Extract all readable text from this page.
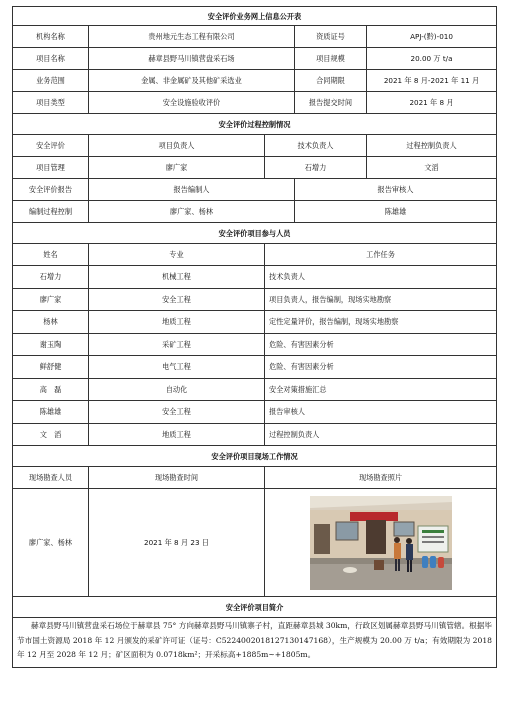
安全评价业务网上信息公开表				
机构名称	贵州地元生态工程有限公司		资质证号	APJ-(黔)-010
项目名称	赫章县野马川镇营盘采石场		项目规模	20.00 万 t/a
业务范围	金属、非金属矿及其他矿采选业		合同期限	2021 年 8 月-2021 年 11 月
项目类型	安全设施验收评价		报告提交时间	2021 年 8 月
安全评价过程控制情况				
安全评价	项目负责人	技术负责人		过程控制负责人
项目管理	廖广家	石增力		文滔
安全评价报告	报告编制人		报告审核人	
编制过程控制	廖广家、杨林		陈雄雄	
安全评价项目参与人员				
姓名	专业	工作任务		
石增力	机械工程	技术负责人		
廖广家	安全工程	项目负责人，报告编制，现场实地勘察		
杨林	地质工程	定性定量评价，报告编制，现场实地勘察		
谢玉陶	采矿工程	危险、有害因素分析		
鲜舒健	电气工程	危险、有害因素分析		
高　磊	自动化	安全对策措施汇总		
陈雄雄	安全工程	报告审核人		
文　滔	地质工程	过程控制负责人		
安全评价项目现场工作情况				
现场勘查人员	现场勘查时间	现场勘查照片		
廖广家、杨林	2021 年 8 月 23 日	

安全评价项目简介				
赫章县野马川镇营盘采石场位于赫章县 75° 方向赫章县野马川镇寨子村，直距赫章县城 30km，行政区划属赫章县野马川镇管辖。根据毕节市国土资源局 2018 年 12 月颁发的采矿许可证（证号：C5224002018127130147168），生产规模为 20.00 万 t/a；有效期限为 2018 年 12 月至 2028 年 12 月；矿区面积为 0.0718km²；开采标高+1885m~+1805m。				
